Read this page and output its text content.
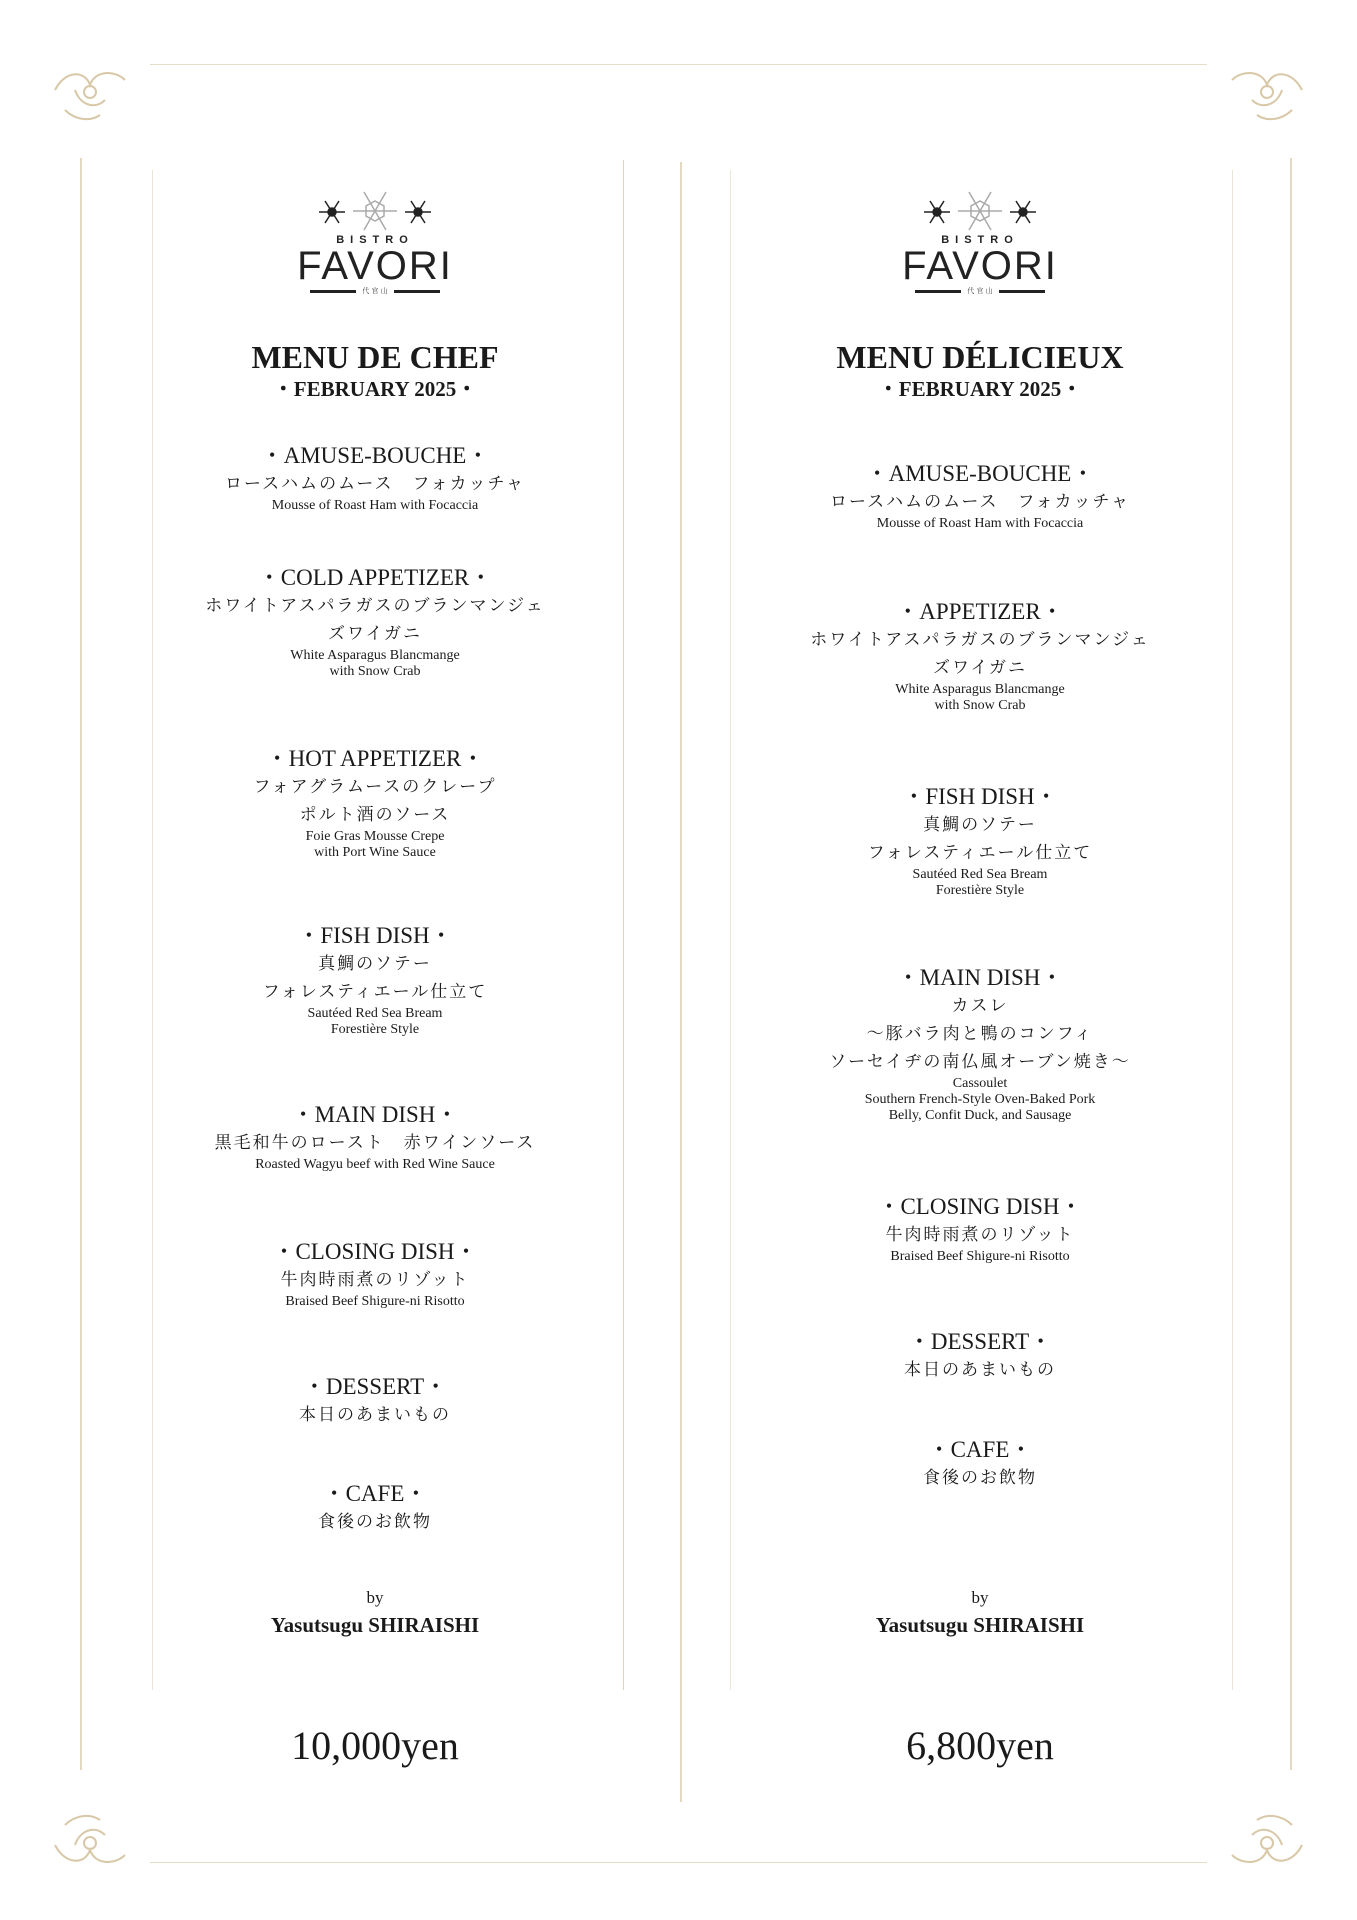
BISTRO
FAVORI
代 官 山
MENU DE CHEF
・FEBRUARY 2025・
・AMUSE-BOUCHE・
ロースハムのムース　フォカッチャ
Mousse of Roast Ham with Focaccia
・COLD APPETIZER・
ホワイトアスパラガスのブランマンジェ
ズワイガニ
White Asparagus Blancmange
with Snow Crab
・HOT APPETIZER・
フォアグラムースのクレープ
ポルト酒のソース
Foie Gras Mousse Crepe
with Port Wine Sauce
・FISH DISH・
真鯛のソテー
フォレスティエール仕立て
Sautéed Red Sea Bream
Forestière Style
・MAIN DISH・
黒毛和牛のロースト　赤ワインソース
Roasted Wagyu beef with Red Wine Sauce
・CLOSING DISH・
牛肉時雨煮のリゾット
Braised Beef Shigure-ni Risotto
・DESSERT・
本日のあまいもの
・CAFE・
食後のお飲物
by
Yasutsugu SHIRAISHI
BISTRO
FAVORI
代 官 山
MENU DÉLICIEUX
・FEBRUARY 2025・
・AMUSE-BOUCHE・
ロースハムのムース　フォカッチャ
Mousse of Roast Ham with Focaccia
・APPETIZER・
ホワイトアスパラガスのブランマンジェ
ズワイガニ
White Asparagus Blancmange
with Snow Crab
・FISH DISH・
真鯛のソテー
フォレスティエール仕立て
Sautéed Red Sea Bream
Forestière Style
・MAIN DISH・
カスレ
～豚バラ肉と鴨のコンフィ
ソーセイヂの南仏風オーブン焼き～
Cassoulet
Southern French-Style Oven-Baked Pork
Belly, Confit Duck, and Sausage
・CLOSING DISH・
牛肉時雨煮のリゾット
Braised Beef Shigure-ni Risotto
・DESSERT・
本日のあまいもの
・CAFE・
食後のお飲物
by
Yasutsugu SHIRAISHI
10,000yen	6,800yen
